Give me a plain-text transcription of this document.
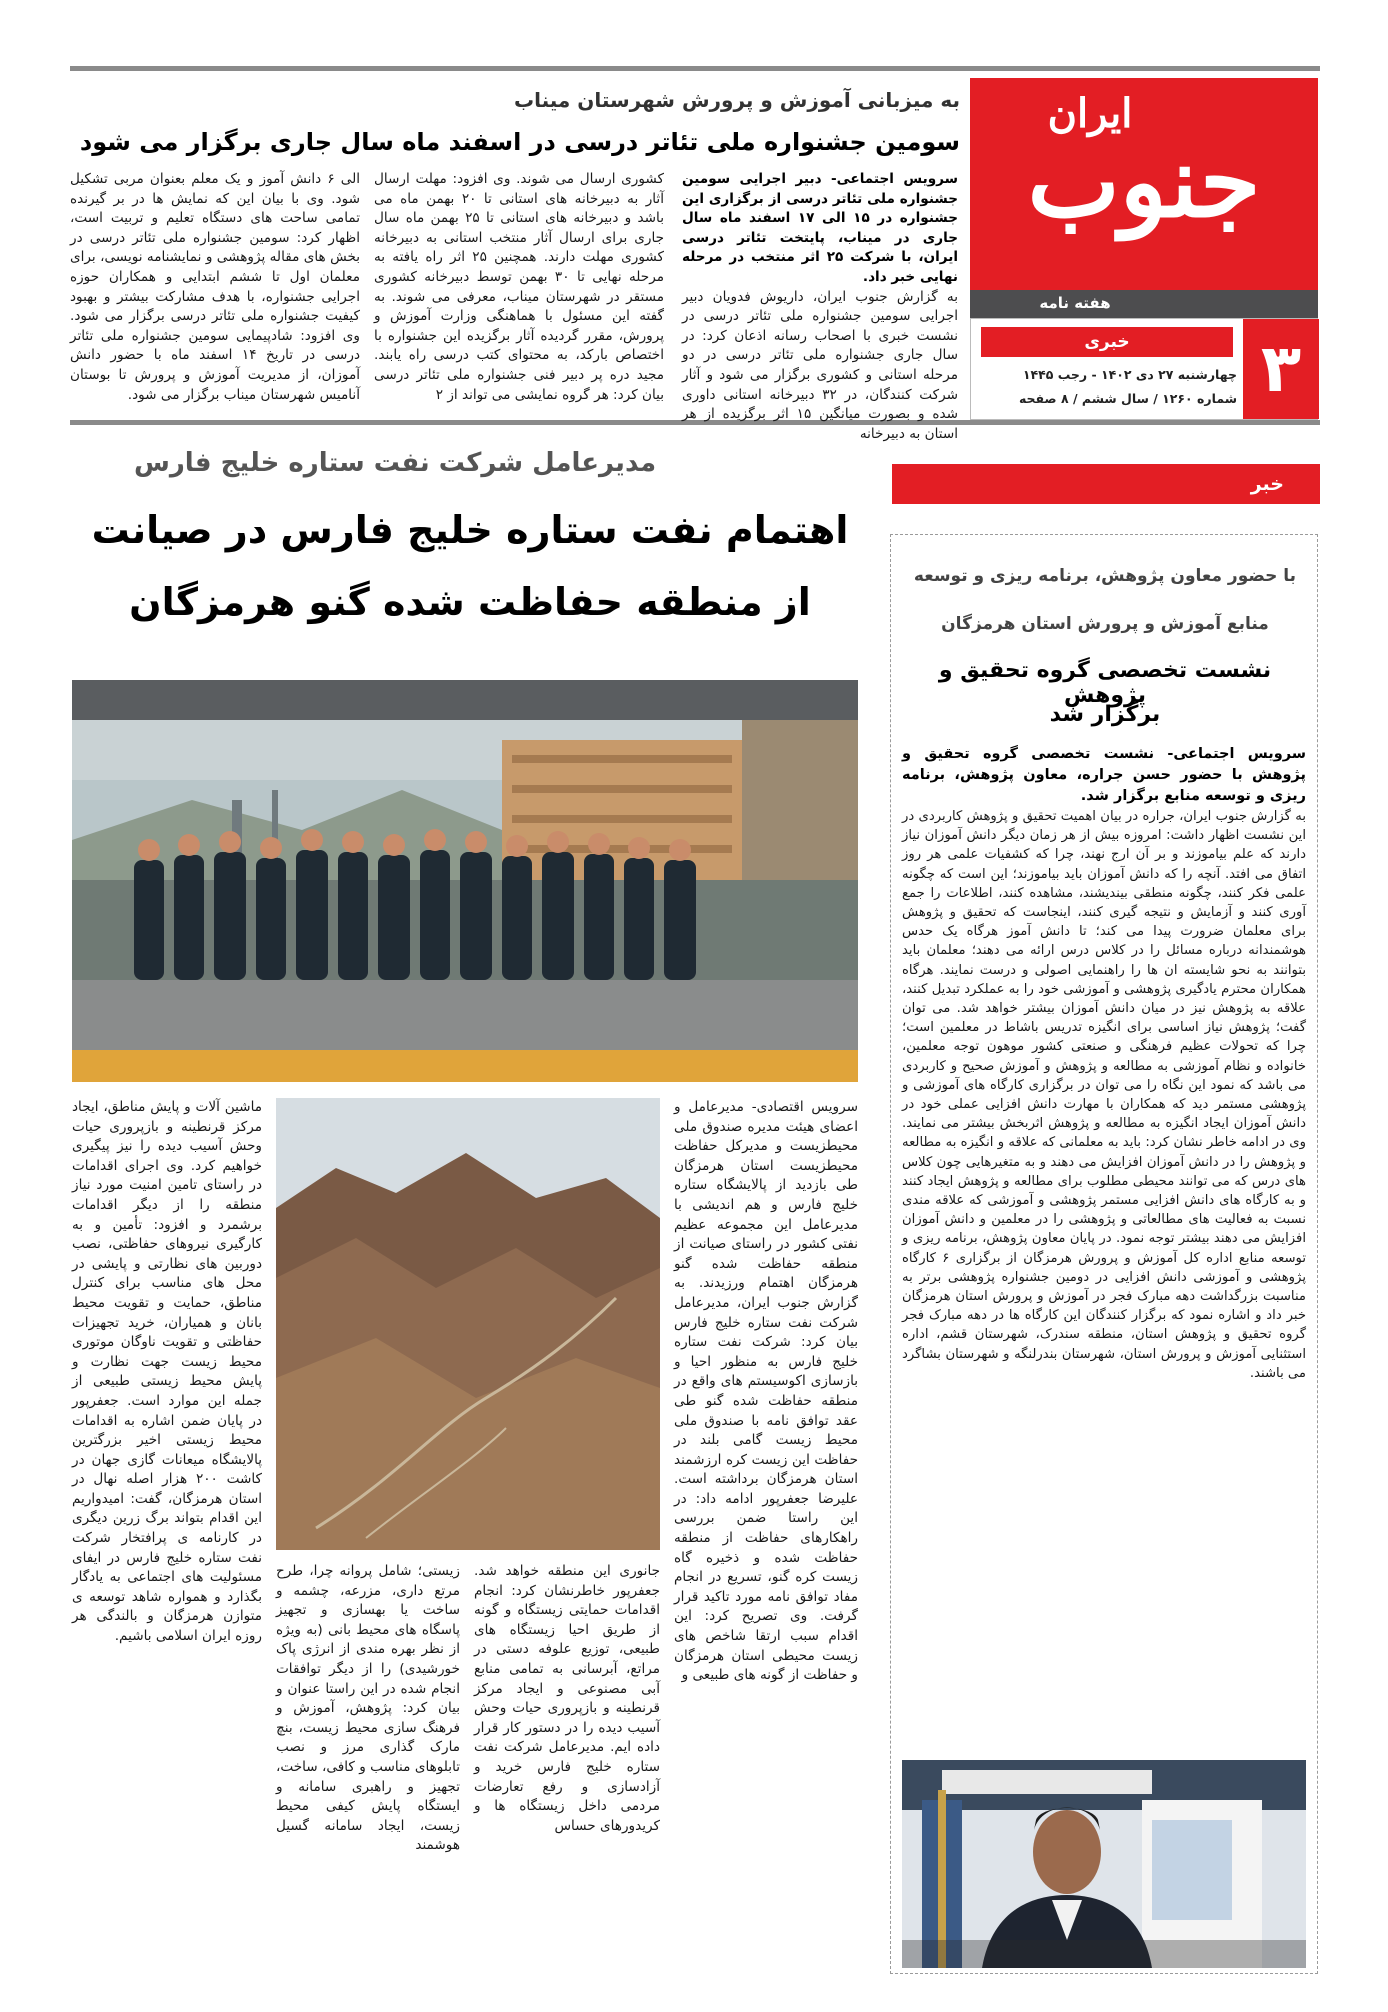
ایران
جنوب
هفته نامه
خبری
چهارشنبه ۲۷ دی ۱۴۰۲ - رجب ۱۴۴۵
شماره ۱۲۶۰ / سال ششم / ۸ صفحه ۳
به میزبانی آموزش و پرورش شهرستان میناب
سومین جشنواره ملی تئاتر درسی در اسفند ماه سال جاری برگزار می شود

سرویس اجتماعی- دبیر اجرایی سومین جشنواره ملی تئاتر درسی از برگزاری این جشنواره در ۱۵ الی ۱۷ اسفند ماه سال جاری در میناب، پایتخت تئاتر درسی ایران، با شرکت ۲۵ اثر منتخب در مرحله نهایی خبر داد.

به گزارش جنوب ایران، داریوش فدویان دبیر اجرایی سومین جشنواره ملی تئاتر درسی در نشست خبری با اصحاب رسانه اذعان کرد: در سال جاری جشنواره ملی تئاتر درسی در دو مرحله استانی و کشوری برگزار می شود و آثار شرکت کنندگان، در ۳۲ دبیرخانه استانی داوری شده و بصورت میانگین ۱۵ اثر برگزیده از هر استان به دبیرخانه

کشوری ارسال می شوند. وی افزود: مهلت ارسال آثار به دبیرخانه های استانی تا ۲۰ بهمن ماه می باشد و دبیرخانه های استانی تا ۲۵ بهمن ماه سال جاری برای ارسال آثار منتخب استانی به دبیرخانه کشوری مهلت دارند. همچنین ۲۵ اثر راه یافته به مرحله نهایی تا ۳۰ بهمن توسط دبیرخانه کشوری مستقر در شهرستان میناب، معرفی می شوند. به گفته این مسئول با هماهنگی وزارت آموزش و پرورش، مقرر گردیده آثار برگزیده این جشنواره با اختصاص بارکد، به محتوای کتب درسی راه یابند. مجید دره پر دبیر فنی جشنواره ملی تئاتر درسی بیان کرد: هر گروه نمایشی می تواند از ۲

الی ۶ دانش آموز و یک معلم بعنوان مربی تشکیل شود. وی با بیان این که نمایش ها در بر گیرنده تمامی ساحت های دستگاه تعلیم و تربیت است، اظهار کرد: سومین جشنواره ملی تئاتر درسی در بخش های مقاله پژوهشی و نمایشنامه نویسی، برای معلمان اول تا ششم ابتدایی و همکاران حوزه اجرایی جشنواره، با هدف مشارکت بیشتر و بهبود کیفیت جشنواره ملی تئاتر درسی برگزار می شود. وی افزود: شادپیمایی سومین جشنواره ملی تئاتر درسی در تاریخ ۱۴ اسفند ماه با حضور دانش آموزان، از مدیریت آموزش و پرورش تا بوستان آنامیس شهرستان میناب برگزار می شود.

مدیرعامل شرکت نفت ستاره خلیج فارس
اهتمام نفت ستاره خلیج فارس در صیانت
از منطقه حفاظت شده گنو هرمزگان

سرویس اقتصادی- مدیرعامل و اعضای هیئت مدیره صندوق ملی محیطزیست و مدیرکل حفاظت محیطزیست استان هرمزگان طی بازدید از پالایشگاه ستاره خلیج فارس و هم اندیشی با مدیرعامل این مجموعه عظیم نفتی کشور در راستای صیانت از منطقه حفاظت شده گنو هرمزگان اهتمام ورزیدند. به گزارش جنوب ایران، مدیرعامل شرکت نفت ستاره خلیج فارس بیان کرد: شرکت نفت ستاره خلیج فارس به منظور احیا و بازسازی اکوسیستم های واقع در منطقه حفاظت شده گنو طی عقد توافق نامه با صندوق ملی محیط زیست گامی بلند در حفاظت این زیست کره ارزشمند استان هرمزگان برداشته است. علیرضا جعفرپور ادامه داد: در این راستا ضمن بررسی راهکارهای حفاظت از منطقه حفاظت شده و ذخیره گاه زیست کره گنو، تسریع در انجام مفاد توافق نامه مورد تاکید قرار گرفت. وی تصریح کرد: این اقدام سبب ارتقا شاخص های زیست محیطی استان هرمزگان و حفاظت از گونه های طبیعی و

جانوری این منطقه خواهد شد. جعفرپور خاطرنشان کرد: انجام اقدامات حمایتی زیستگاه و گونه از طریق احیا زیستگاه های طبیعی، توزیع علوفه دستی در مراتع، آبرسانی به تمامی منابع آبی مصنوعی و ایجاد مرکز قرنطینه و بازپروری حیات وحش آسیب دیده را در دستور کار قرار داده ایم. مدیرعامل شرکت نفت ستاره خلیج فارس خرید و آزادسازی و رفع تعارضات مردمی داخل زیستگاه ها و کریدورهای حساس

زیستی؛ شامل پروانه چرا، طرح مرتع داری، مزرعه، چشمه و ساخت یا بهسازی و تجهیز پاسگاه های محیط بانی (به ویژه از نظر بهره مندی از انرژی پاک خورشیدی) را از دیگر توافقات انجام شده در این راستا عنوان و بیان کرد: پژوهش، آموزش و فرهنگ سازی محیط زیست، بنچ مارک گذاری مرز و نصب تابلوهای مناسب و کافی، ساخت، تجهیز و راهبری سامانه و ایستگاه پایش کیفی محیط زیست، ایجاد سامانه گسیل هوشمند

ماشین آلات و پایش مناطق، ایجاد مرکز قرنطینه و بازپروری حیات وحش آسیب دیده را نیز پیگیری خواهیم کرد. وی اجرای اقدامات در راستای تامین امنیت مورد نیاز منطقه را از دیگر اقدامات برشمرد و افزود: تأمین و به کارگیری نیروهای حفاظتی، نصب دوربین های نظارتی و پایشی در محل های مناسب برای کنترل مناطق، حمایت و تقویت محیط بانان و همیاران، خرید تجهیزات حفاظتی و تقویت ناوگان موتوری محیط زیست جهت نظارت و پایش محیط زیستی طبیعی از جمله این موارد است. جعفرپور در پایان ضمن اشاره به اقدامات محیط زیستی اخیر بزرگترین پالایشگاه میعانات گازی جهان در کاشت ۲۰۰ هزار اصله نهال در استان هرمزگان، گفت: امیدواریم این اقدام بتواند برگ زرین دیگری در کارنامه ی پرافتخار شرکت نفت ستاره خلیج فارس در ایفای مسئولیت های اجتماعی به یادگار بگذارد و همواره شاهد توسعه ی متوازن هرمزگان و بالندگی هر روزه ایران اسلامی باشیم.

خبر
با حضور معاون پژوهش، برنامه ریزی و توسعه
منابع آموزش و پرورش استان هرمزگان
نشست تخصصی گروه تحقیق و پژوهش
برگزار شد

سرویس اجتماعی- نشست تخصصی گروه تحقیق و پژوهش با حضور حسن جراره، معاون پژوهش، برنامه ریزی و توسعه منابع برگزار شد.

به گزارش جنوب ایران، جراره در بیان اهمیت تحقیق و پژوهش کاربردی در این نشست اظهار داشت: امروزه بیش از هر زمان دیگر دانش آموزان نیاز دارند که علم بیاموزند و بر آن ارج نهند، چرا که کشفیات علمی هر روز اتفاق می افتد. آنچه را که دانش آموزان باید بیاموزند؛ این است که چگونه علمی فکر کنند، چگونه منطقی بیندیشند، مشاهده کنند، اطلاعات را جمع آوری کنند و آزمایش و نتیجه گیری کنند، اینجاست که تحقیق و پژوهش برای معلمان ضرورت پیدا می کند؛ تا دانش آموز هرگاه یک حدس هوشمندانه درباره مسائل را در کلاس درس ارائه می دهند؛ معلمان باید بتوانند به نحو شایسته ان ها را راهنمایی اصولی و درست نمایند. هرگاه همکاران محترم یادگیری پژوهشی و آموزشی خود را به عملکرد تبدیل کنند، علاقه به پژوهش نیز در میان دانش آموزان بیشتر خواهد شد. می توان گفت؛ پژوهش نیاز اساسی برای انگیزه تدریس باشاط در معلمین است؛ چرا که تحولات عظیم فرهنگی و صنعتی کشور موهون توجه معلمین، خانواده و نظام آموزشی به مطالعه و پژوهش و آموزش صحیح و کاربردی می باشد که نمود این نگاه را می توان در برگزاری کارگاه های آموزشی و پژوهشی مستمر دید که همکاران با مهارت دانش افزایی عملی خود در دانش آموزان ایجاد انگیزه به مطالعه و پژوهش اثربخش بیشتر می نمایند. وی در ادامه خاطر نشان کرد: باید به معلمانی که علاقه و انگیزه به مطالعه و پژوهش را در دانش آموزان افزایش می دهند و به متغیرهایی چون کلاس های درس که می توانند محیطی مطلوب برای مطالعه و پژوهش ایجاد کنند و به کارگاه های دانش افزایی مستمر پژوهشی و آموزشی که علاقه مندی نسبت به فعالیت های مطالعاتی و پژوهشی را در معلمین و دانش آموزان افزایش می دهند بیشتر توجه نمود. در پایان معاون پژوهش، برنامه ریزی و توسعه منابع اداره کل آموزش و پرورش هرمزگان از برگزاری ۶ کارگاه پژوهشی و آموزشی دانش افزایی در دومین جشنواره پژوهشی برتر به مناسبت بزرگداشت دهه مبارک فجر در آموزش و پرورش استان هرمزگان خبر داد و اشاره نمود که برگزار کنندگان این کارگاه ها در دهه مبارک فجر گروه تحقیق و پژوهش استان، منطقه سندرک، شهرستان قشم، اداره استثنایی آموزش و پرورش استان، شهرستان بندرلنگه و شهرستان بشاگرد می باشند.
